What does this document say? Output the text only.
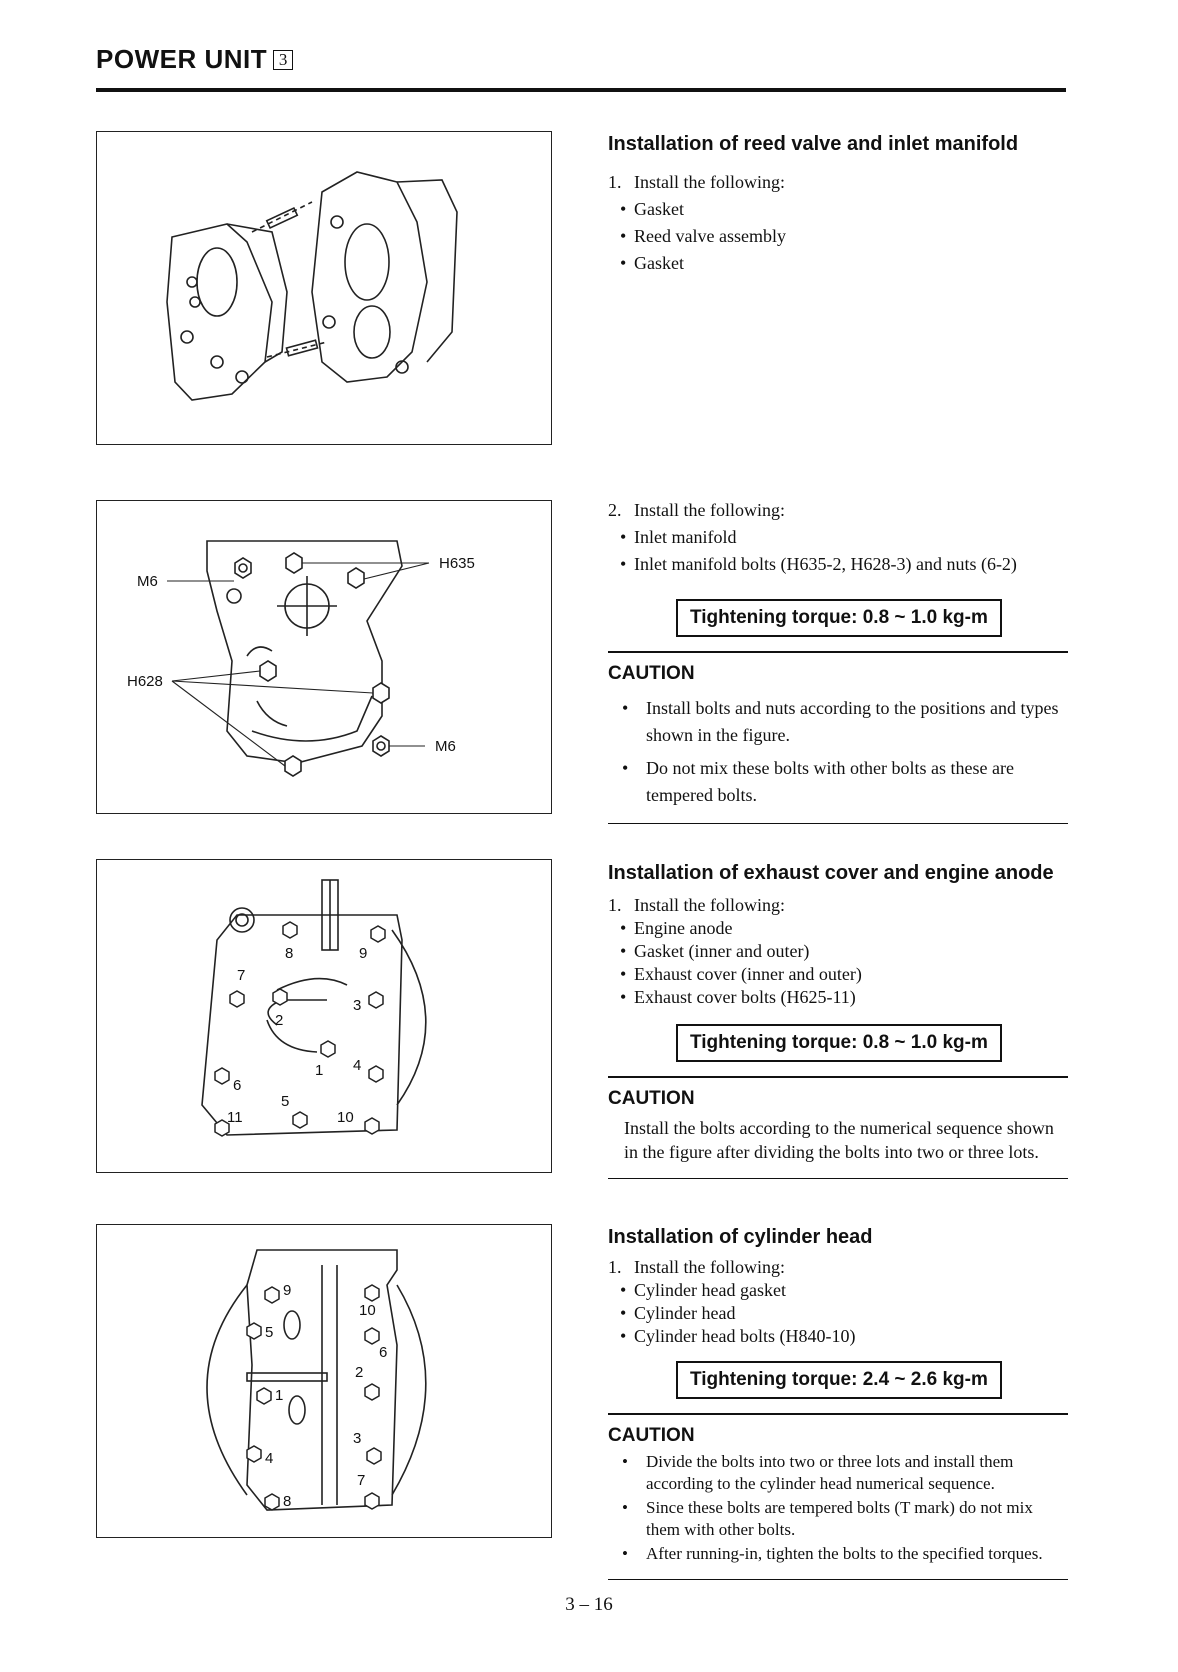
POWER UNIT 3
M6
H635
H628
M6
1
2
3
4
5
6
7
8	9
10
11
1
2
3
4
5
6
7
8
9
10
Installation of reed valve and inlet manifold
1. Install the following:
• Gasket
• Reed valve assembly
• Gasket
2. Install the following:
• Inlet manifold
• Inlet manifold bolts (H635-2, H628-3) and nuts (6-2)
Tightening torque: 0.8 ~ 1.0 kg-m
CAUTION
• Install bolts and nuts according to the positions and types shown in the figure.
• Do not mix these bolts with other bolts as these are tempered bolts.
Installation of exhaust cover and engine anode
1. Install the following:
• Engine anode
• Gasket (inner and outer)
• Exhaust cover (inner and outer)
• Exhaust cover bolts (H625-11)
Tightening torque: 0.8 ~ 1.0 kg-m
CAUTION
Install the bolts according to the numerical sequence shown in the figure after dividing the bolts into two or three lots.
Installation of cylinder head
1. Install the following:
• Cylinder head gasket
• Cylinder head
• Cylinder head bolts (H840-10)
Tightening torque: 2.4 ~ 2.6 kg-m
CAUTION
•	Divide the bolts into two or three lots and install them according to the cylinder head numerical sequence.
•	Since these bolts are tempered bolts (T mark) do not mix them with other bolts.
•	After running-in, tighten the bolts to the specified torques.
3 – 16
